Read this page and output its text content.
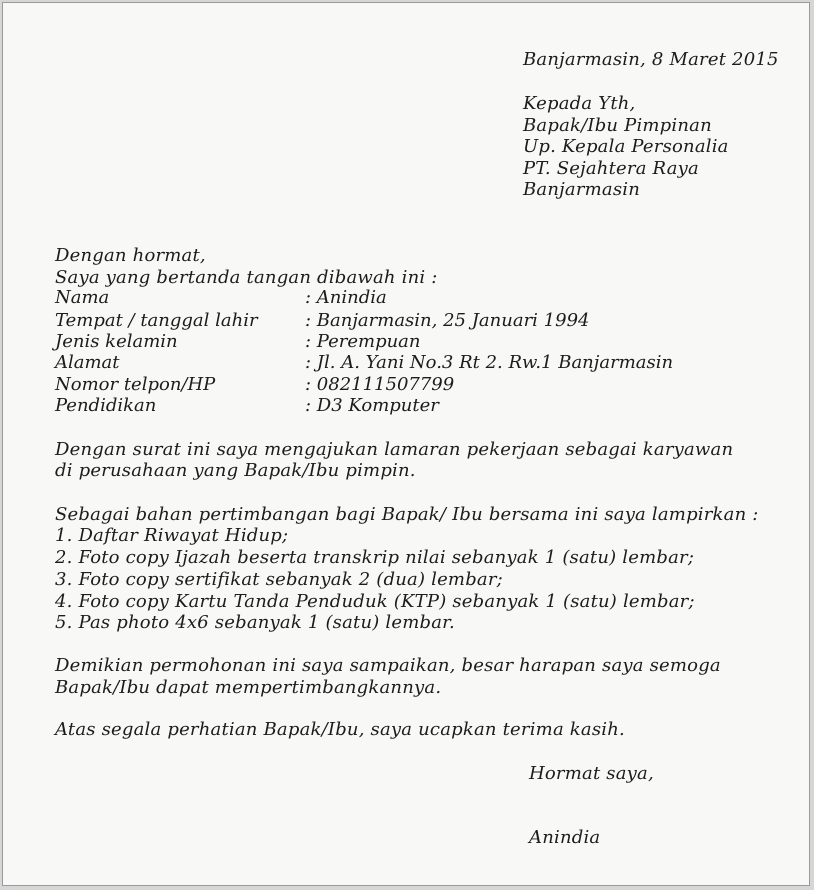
Banjarmasin, 8 Maret 2015
Kepada Yth,
Bapak/Ibu Pimpinan
Up. Kepala Personalia
PT. Sejahtera Raya
Banjarmasin
Dengan hormat,
Saya yang bertanda tangan dibawah ini :
Nama	: Anindia
Tempat / tanggal lahir	: Banjarmasin, 25 Januari 1994
Jenis kelamin	: Perempuan
Alamat	: Jl. A. Yani No.3 Rt 2. Rw.1 Banjarmasin
Nomor telpon/HP	: 082111507799
Pendidikan	: D3 Komputer
Dengan surat ini saya mengajukan lamaran pekerjaan sebagai karyawan
di perusahaan yang Bapak/Ibu pimpin.
Sebagai bahan pertimbangan bagi Bapak/ Ibu bersama ini saya lampirkan :
1. Daftar Riwayat Hidup;
2. Foto copy Ijazah beserta transkrip nilai sebanyak 1 (satu) lembar;
3. Foto copy sertifikat sebanyak 2 (dua) lembar;
4. Foto copy Kartu Tanda Penduduk (KTP) sebanyak 1 (satu) lembar;
5. Pas photo 4x6 sebanyak 1 (satu) lembar.
Demikian permohonan ini saya sampaikan, besar harapan saya semoga
Bapak/Ibu dapat mempertimbangkannya.
Atas segala perhatian Bapak/Ibu, saya ucapkan terima kasih.
Hormat saya,
Anindia
